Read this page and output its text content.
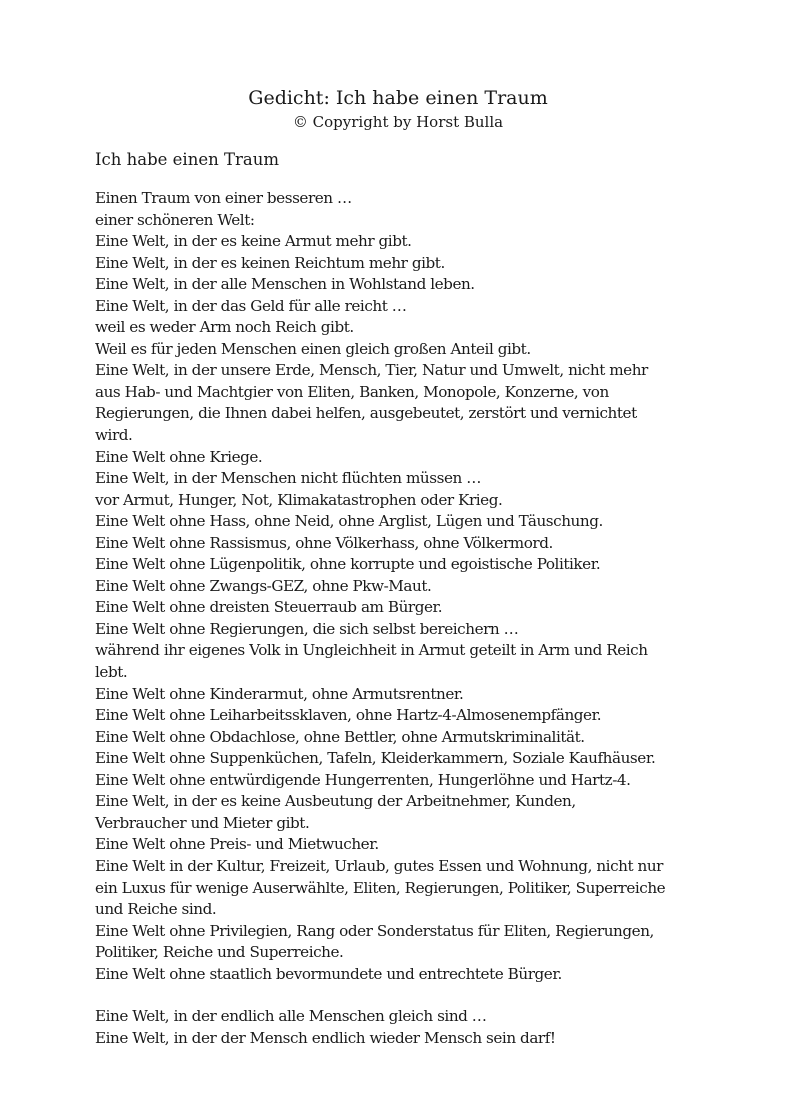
Gedicht: Ich habe einen Traum
© Copyright by Horst Bulla
Ich habe einen Traum
Einen Traum von einer besseren …
einer schöneren Welt:
Eine Welt, in der es keine Armut mehr gibt.
Eine Welt, in der es keinen Reichtum mehr gibt.
Eine Welt, in der alle Menschen in Wohlstand leben.
Eine Welt, in der das Geld für alle reicht …
weil es weder Arm noch Reich gibt.
Weil es für jeden Menschen einen gleich großen Anteil gibt.
Eine Welt, in der unsere Erde, Mensch, Tier, Natur und Umwelt, nicht mehr
aus Hab- und Machtgier von Eliten, Banken, Monopole, Konzerne, von
Regierungen, die Ihnen dabei helfen, ausgebeutet, zerstört und vernichtet
wird.
Eine Welt ohne Kriege.
Eine Welt, in der Menschen nicht flüchten müssen …
vor Armut, Hunger, Not, Klimakatastrophen oder Krieg.
Eine Welt ohne Hass, ohne Neid, ohne Arglist, Lügen und Täuschung.
Eine Welt ohne Rassismus, ohne Völkerhass, ohne Völkermord.
Eine Welt ohne Lügenpolitik, ohne korrupte und egoistische Politiker.
Eine Welt ohne Zwangs-GEZ, ohne Pkw-Maut.
Eine Welt ohne dreisten Steuerraub am Bürger.
Eine Welt ohne Regierungen, die sich selbst bereichern …
während ihr eigenes Volk in Ungleichheit in Armut geteilt in Arm und Reich
lebt.
Eine Welt ohne Kinderarmut, ohne Armutsrentner.
Eine Welt ohne Leiharbeitssklaven, ohne Hartz-4-Almosenempfänger.
Eine Welt ohne Obdachlose, ohne Bettler, ohne Armutskriminalität.
Eine Welt ohne Suppenküchen, Tafeln, Kleiderkammern, Soziale Kaufhäuser.
Eine Welt ohne entwürdigende Hungerrenten, Hungerlöhne und Hartz-4.
Eine Welt, in der es keine Ausbeutung der Arbeitnehmer, Kunden,
Verbraucher und Mieter gibt.
Eine Welt ohne Preis- und Mietwucher.
Eine Welt in der Kultur, Freizeit, Urlaub, gutes Essen und Wohnung, nicht nur
ein Luxus für wenige Auserwählte, Eliten, Regierungen, Politiker, Superreiche
und Reiche sind.
Eine Welt ohne Privilegien, Rang oder Sonderstatus für Eliten, Regierungen,
Politiker, Reiche und Superreiche.
Eine Welt ohne staatlich bevormundete und entrechtete Bürger.
Eine Welt, in der endlich alle Menschen gleich sind …
Eine Welt, in der der Mensch endlich wieder Mensch sein darf!
